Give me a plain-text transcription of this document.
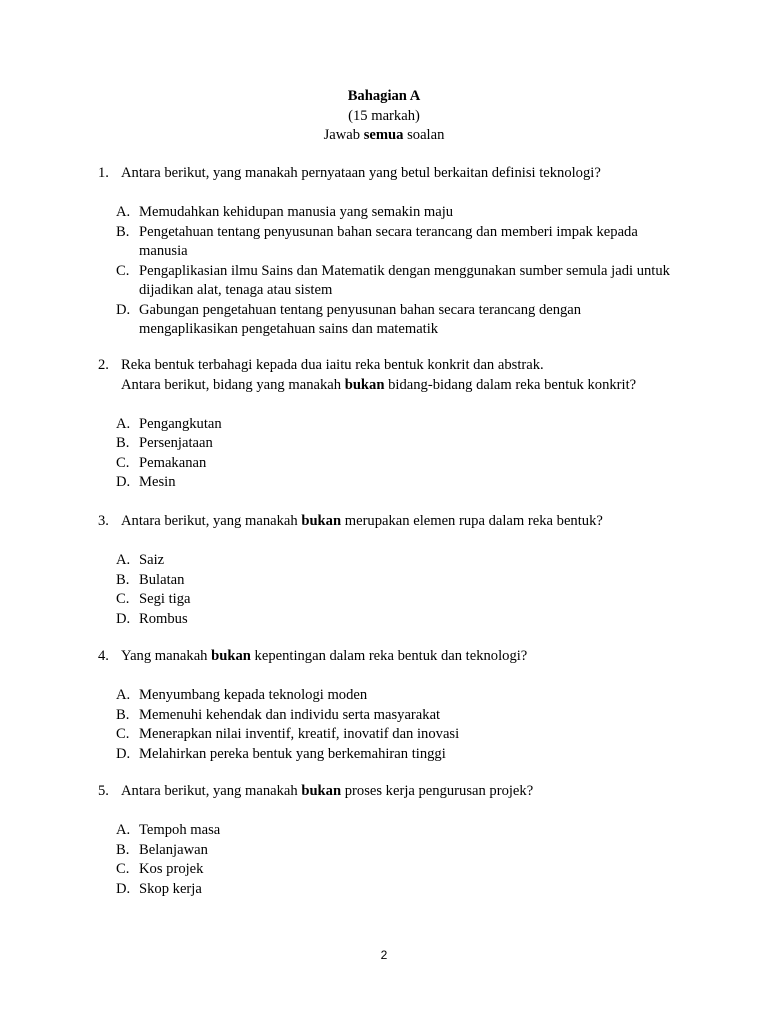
Bahagian A
(15 markah)
Jawab semua soalan
1. Antara berikut, yang manakah pernyataan yang betul berkaitan definisi teknologi?
A. Memudahkan kehidupan manusia yang semakin maju
B. Pengetahuan tentang penyusunan bahan secara terancang dan memberi impak kepada manusia
C. Pengaplikasian ilmu Sains dan Matematik dengan menggunakan sumber semula jadi untuk dijadikan alat, tenaga atau sistem
D. Gabungan pengetahuan tentang penyusunan bahan secara terancang dengan mengaplikasikan pengetahuan sains dan matematik
2. Reka bentuk terbahagi kepada dua iaitu reka bentuk konkrit dan abstrak.
Antara berikut, bidang yang manakah bukan bidang-bidang dalam reka bentuk konkrit?
A. Pengangkutan
B. Persenjataan
C. Pemakanan
D. Mesin
3. Antara berikut, yang manakah bukan merupakan elemen rupa dalam reka bentuk?
A. Saiz
B. Bulatan
C. Segi tiga
D. Rombus
4. Yang manakah bukan kepentingan dalam reka bentuk dan teknologi?
A. Menyumbang kepada teknologi moden
B. Memenuhi kehendak dan individu serta masyarakat
C. Menerapkan nilai inventif, kreatif, inovatif dan inovasi
D. Melahirkan pereka bentuk yang berkemahiran tinggi
5. Antara berikut, yang manakah bukan proses kerja pengurusan projek?
A. Tempoh masa
B. Belanjawan
C. Kos projek
D. Skop kerja
2
